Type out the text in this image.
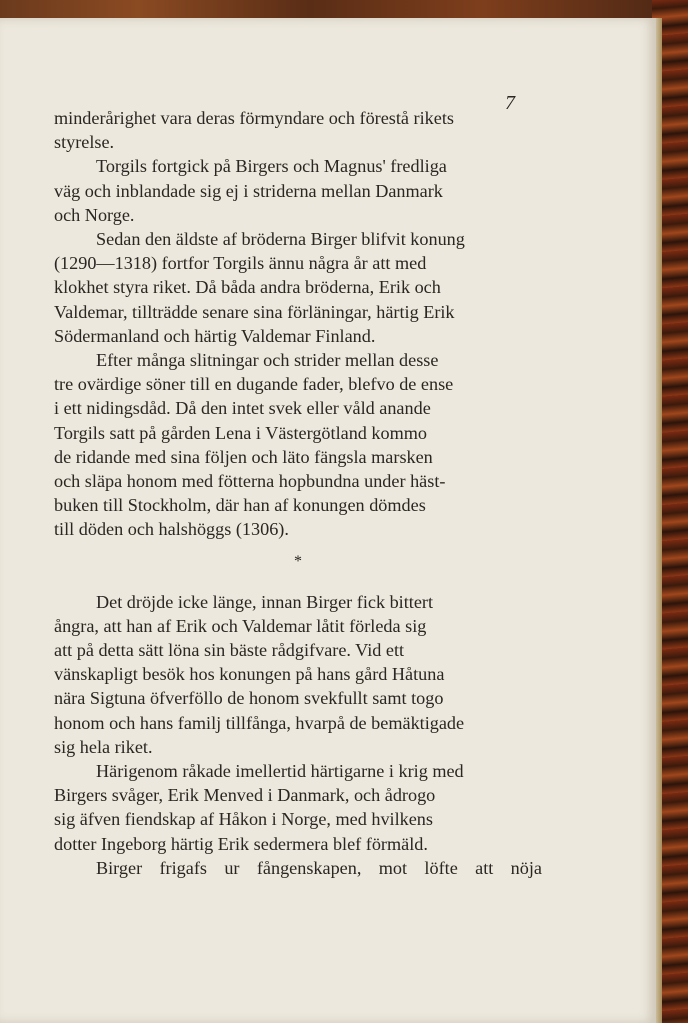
7

minderårighet vara deras förmyndare och förestå rikets
styrelse.

Torgils fortgick på Birgers och Magnus' fredliga
väg och inblandade sig ej i striderna mellan Danmark
och Norge.

Sedan den äldste af bröderna Birger blifvit konung
(1290—1318) fortfor Torgils ännu några år att med
klokhet styra riket. Då båda andra bröderna, Erik och
Valdemar, tillträdde senare sina förläningar, härtig Erik
Södermanland och härtig Valdemar Finland.

Efter många slitningar och strider mellan desse
tre ovärdige söner till en dugande fader, blefvo de ense
i ett nidingsdåd. Då den intet svek eller våld anande
Torgils satt på gården Lena i Västergötland kommo
de ridande med sina följen och läto fängsla marsken
och släpa honom med fötterna hopbundna under häst-
buken till Stockholm, där han af konungen dömdes
till döden och halshöggs (1306).

*

Det dröjde icke länge, innan Birger fick bittert
ångra, att han af Erik och Valdemar låtit förleda sig
att på detta sätt löna sin bäste rådgifvare. Vid ett
vänskapligt besök hos konungen på hans gård Håtuna
nära Sigtuna öfverföllo de honom svekfullt samt togo
honom och hans familj tillfånga, hvarpå de bemäktigade
sig hela riket.

Härigenom råkade imellertid härtigarne i krig med
Birgers svåger, Erik Menved i Danmark, och ådrogo
sig äfven fiendskap af Håkon i Norge, med hvilkens
dotter Ingeborg härtig Erik sedermera blef förmäld.

Birger frigafs ur fångenskapen, mot löfte att nöja
